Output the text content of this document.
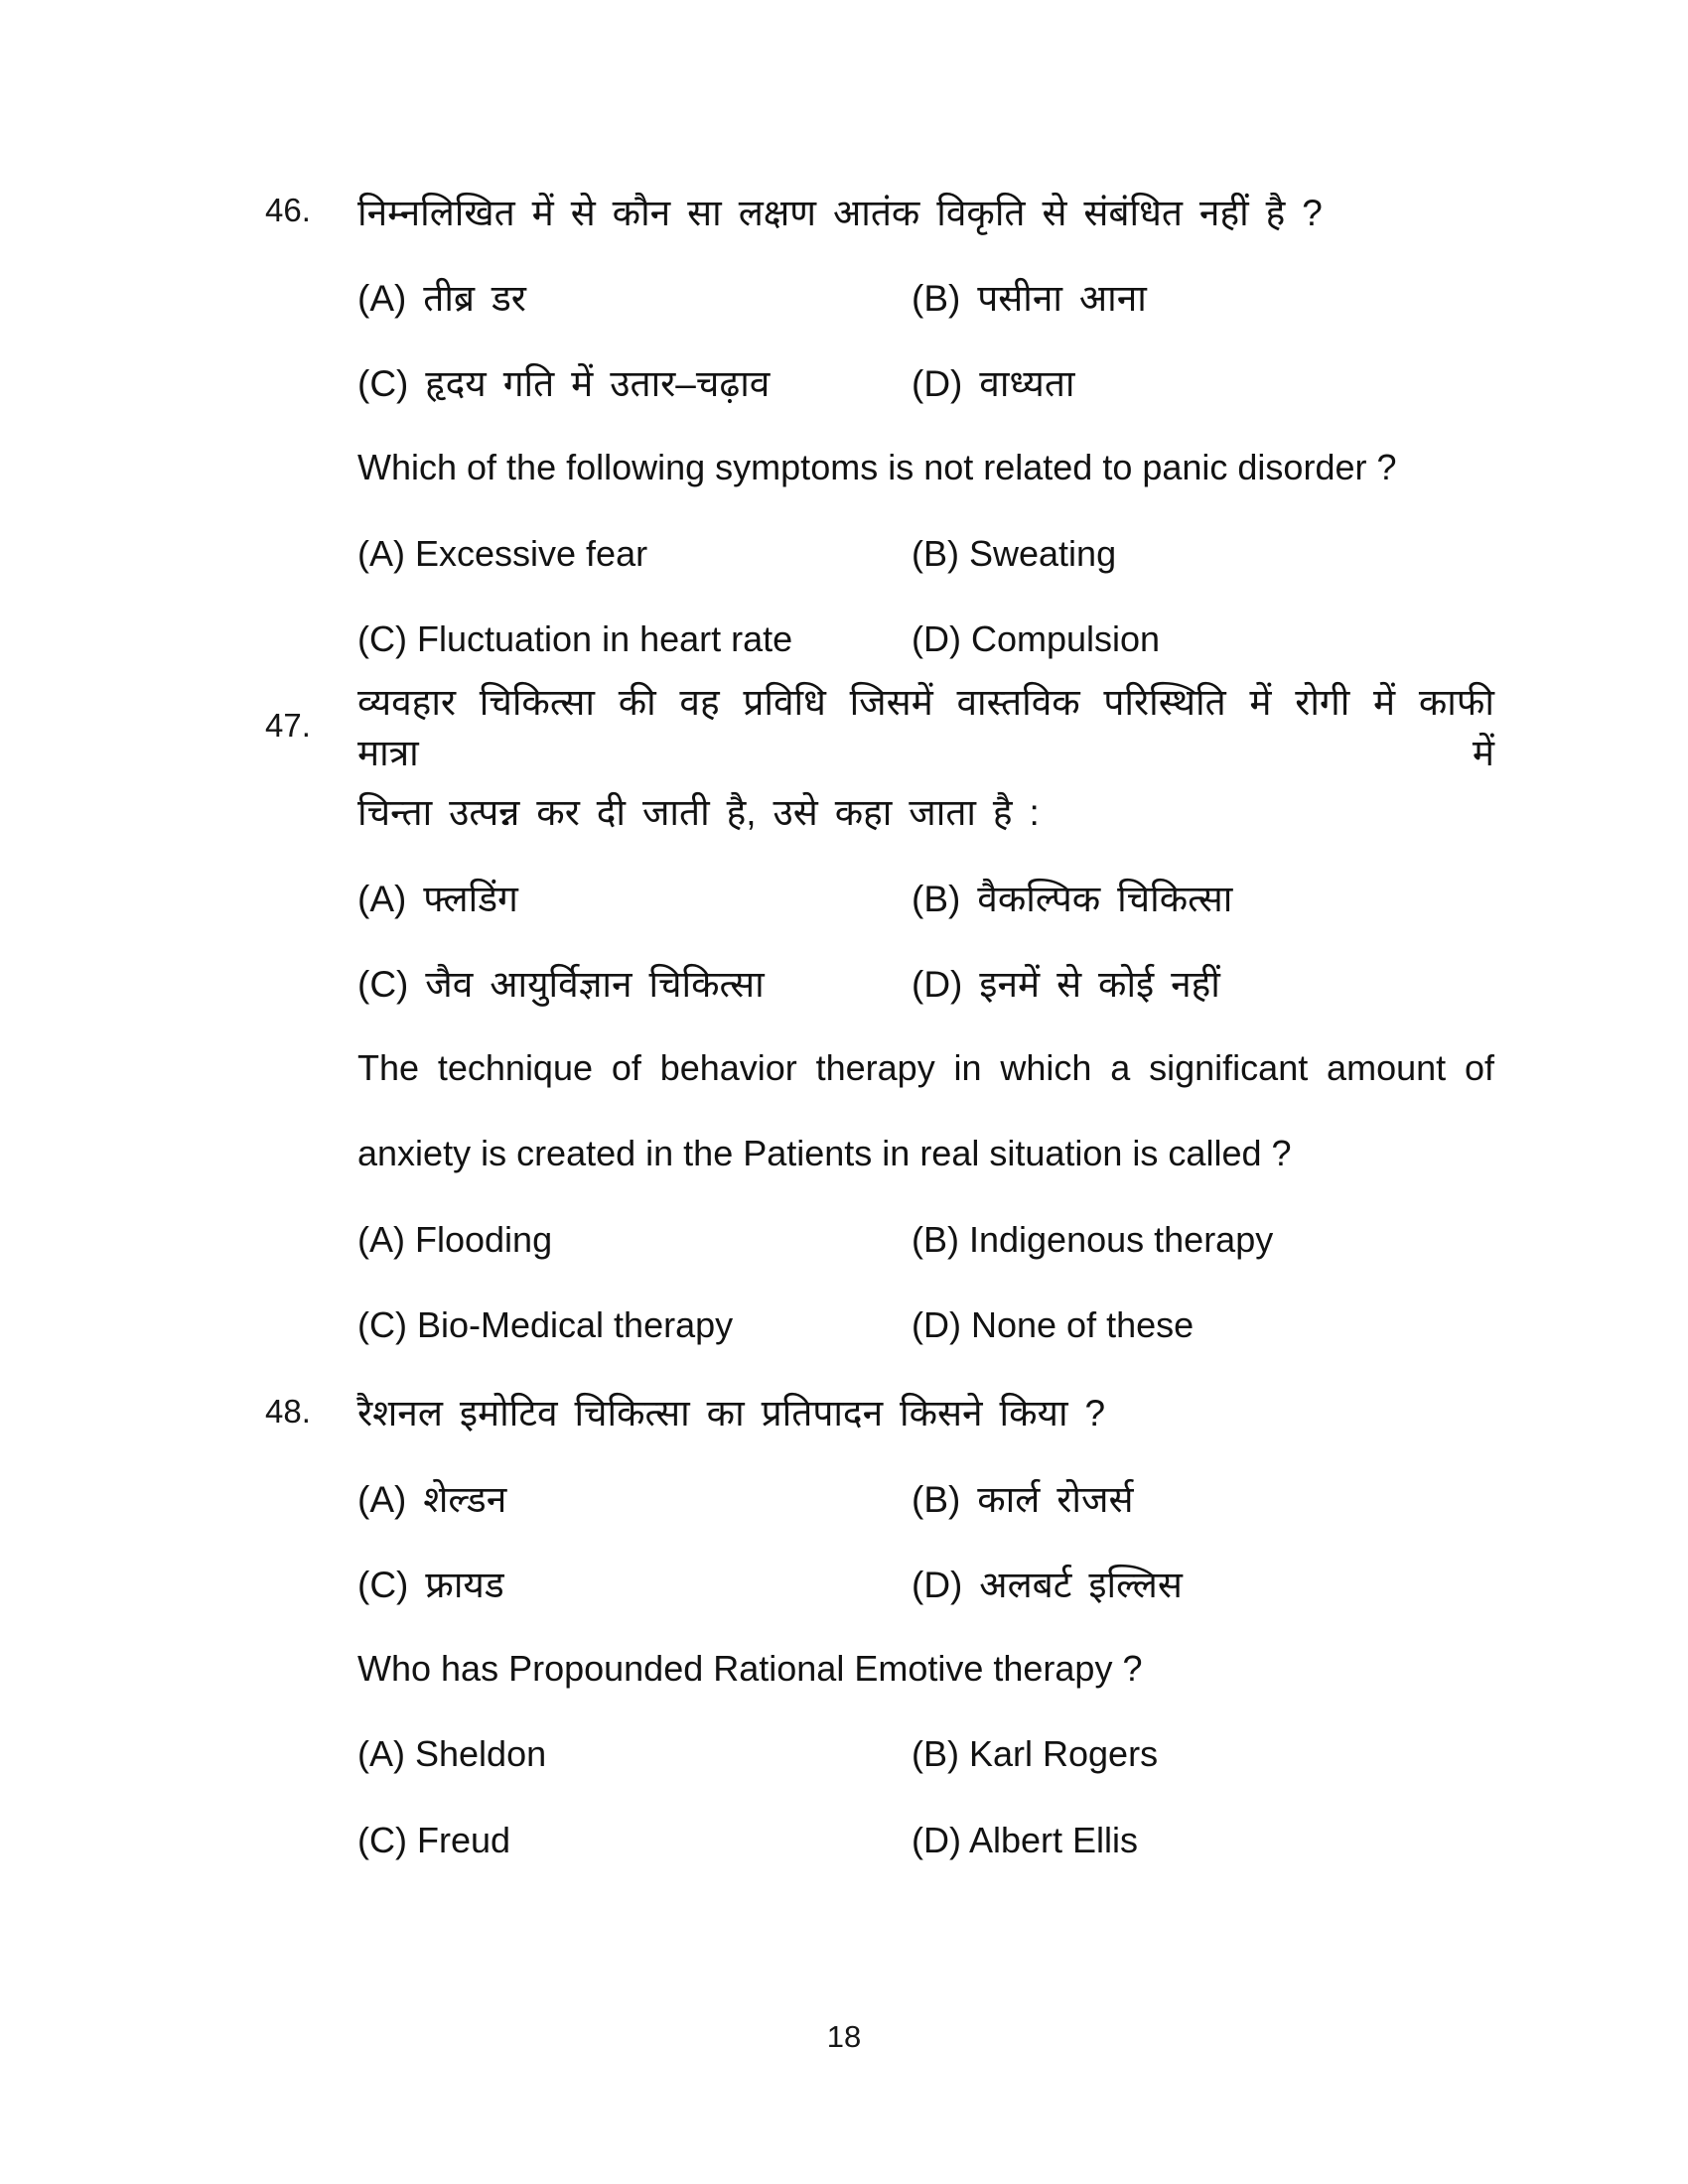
46.	निम्नलिखित में से कौन सा लक्षण आतंक विकृति से संबंधित नहीं है ?
(A) तीब्र डर	(B) पसीना आना
(C) हृदय गति में उतार–चढ़ाव	(D) वाध्यता
Which of the following symptoms is not related to panic disorder ?
(A) Excessive fear	(B) Sweating
(C) Fluctuation in heart rate	(D) Compulsion
47.
व्यवहार चिकित्सा की वह प्रविधि जिसमें वास्तविक परिस्थिति में रोगी में काफी मात्रा में
चिन्ता उत्पन्न कर दी जाती है, उसे कहा जाता है :
(A) फ्लडिंग	(B) वैकल्पिक चिकित्सा
(C) जैव आयुर्विज्ञान चिकित्सा	(D) इनमें से कोई नहीं
The technique of behavior therapy in which a significant amount of
anxiety is created in the Patients in real situation is called ?
(A) Flooding	(B) Indigenous therapy
(C) Bio-Medical therapy	(D) None of these
48.	रैशनल इमोटिव चिकित्सा का प्रतिपादन किसने किया ?
(A) शेल्डन	(B) कार्ल रोजर्स
(C) फ्रायड	(D) अलबर्ट इल्लिस
Who has Propounded Rational Emotive therapy ?
(A) Sheldon	(B) Karl Rogers
(C) Freud	(D) Albert Ellis
18
